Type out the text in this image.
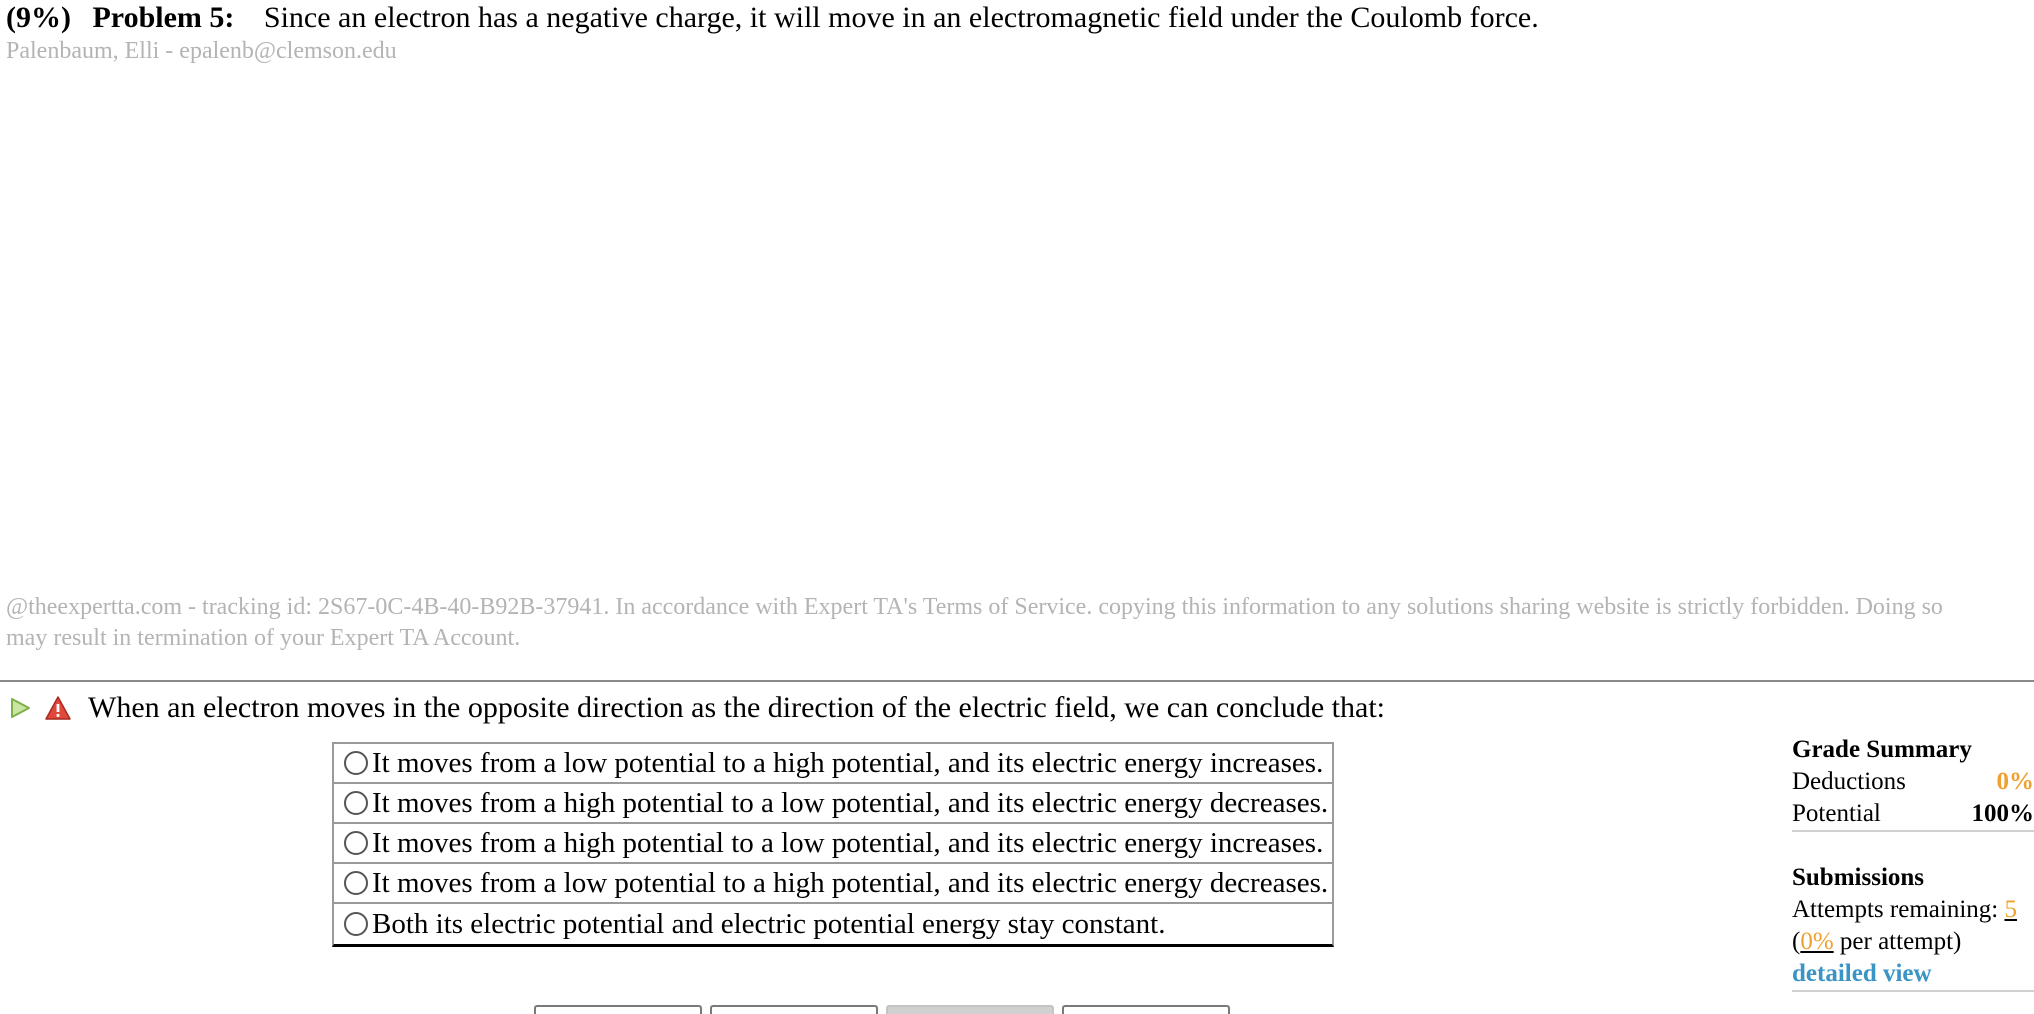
(9%) Problem 5: Since an electron has a negative charge, it will move in an electromagnetic field under the Coulomb force.
Palenbaum, Elli - epalenb@clemson.edu
@theexpertta.com - tracking id: 2S67-0C-4B-40-B92B-37941. In accordance with Expert TA's Terms of Service. copying this information to any solutions sharing website is strictly forbidden. Doing so may result in termination of your Expert TA Account.
When an electron moves in the opposite direction as the direction of the electric field, we can conclude that:
It moves from a low potential to a high potential, and its electric energy increases.
It moves from a high potential to a low potential, and its electric energy decreases.
It moves from a high potential to a low potential, and its electric energy increases.
It moves from a low potential to a high potential, and its electric energy decreases.
Both its electric potential and electric potential energy stay constant.
Grade Summary
Deductions	0%
Potential	100%
Submissions
Attempts remaining: 5
(0% per attempt)
detailed view
